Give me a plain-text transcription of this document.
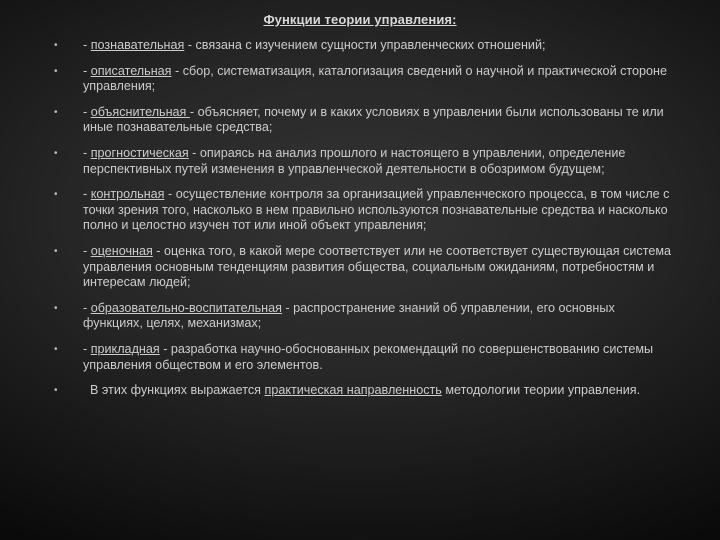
Функции теории управления:
• - познавательная - связана с изучением сущности управленческих отношений;
• - описательная - сбор, систематизация, каталогизация сведений о научной и практической стороне управления;
• - объяснительная - объясняет, почему и в каких условиях в управлении были использованы те или иные познавательные средства;
• - прогностическая - опираясь на анализ прошлого и настоящего в управлении, определение перспективных путей изменения в управленческой деятельности в обозримом будущем;
• - контрольная - осуществление контроля за организацией управленческого процесса, в том числе с точки зрения того, насколько в нем правильно используются познавательные средства и насколько полно и целостно изучен тот или иной объект управления;
• - оценочная - оценка того, в какой мере соответствует или не соответствует существующая система управления основным тенденциям развития общества, социальным ожиданиям, потребностям и интересам людей;
• - образовательно-воспитательная - распространение знаний об управлении, его основных функциях, целях, механизмах;
• - прикладная - разработка научно-обоснованных рекомендаций по совершенствованию системы управления обществом и его элементов.
• В этих функциях выражается практическая направленность методологии теории управления.
